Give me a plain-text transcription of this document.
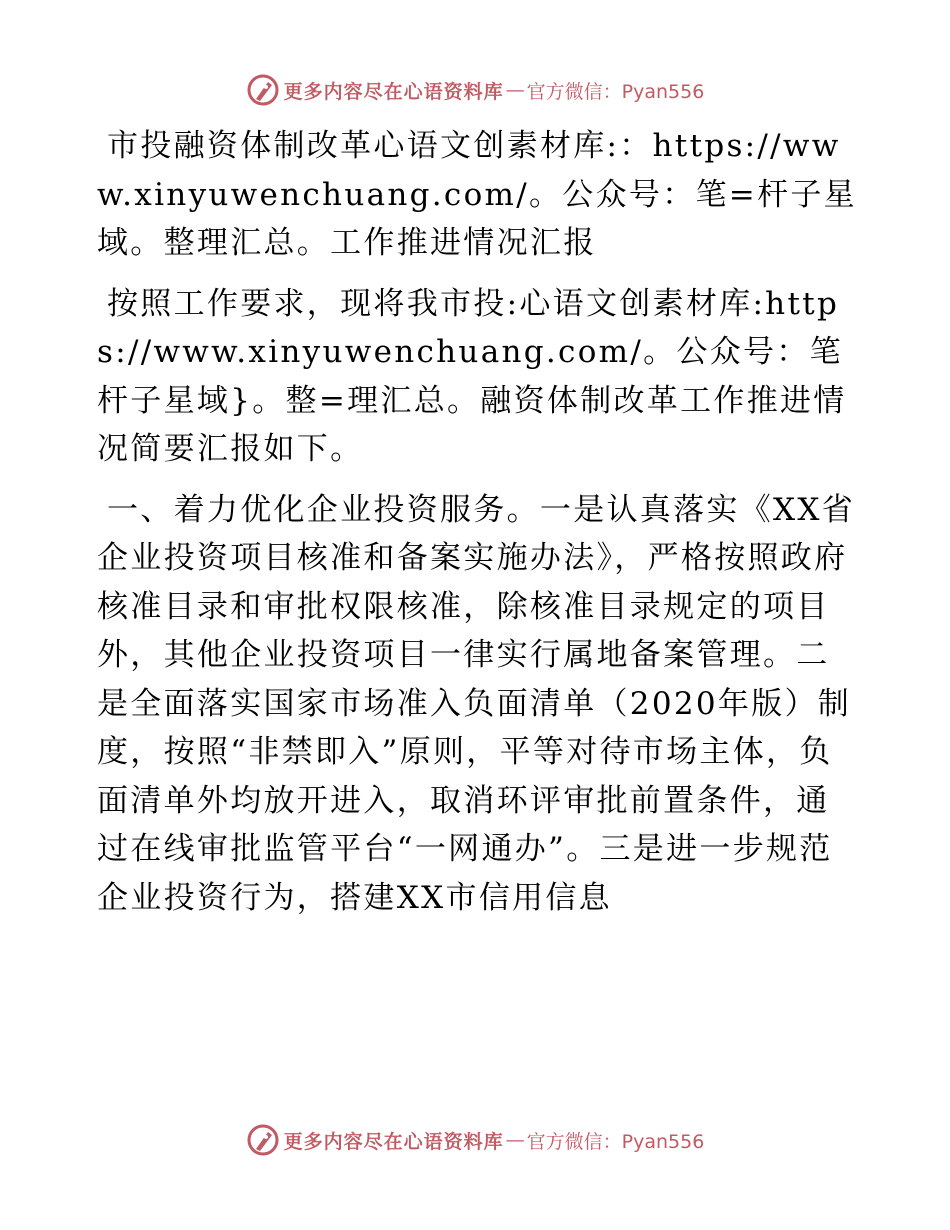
更多内容尽在心语资料库 — 官方微信：Pyan556

市投融资体制改革心语文创素材库:：https://www.xinyuwenchuang.com/。公众号：笔=杆子星域。整理汇总。工作推进情况汇报

按照工作要求，现将我市投:心语文创素材库:https://www.xinyuwenchuang.com/。公众号：笔杆子星域}。整=理汇总。融资体制改革工作推进情况简要汇报如下。

一、着力优化企业投资服务。一是认真落实《XX省企业投资项目核准和备案实施办法》，严格按照政府核准目录和审批权限核准，除核准目录规定的项目外，其他企业投资项目一律实行属地备案管理。二是全面落实国家市场准入负面清单（2020年版）制度，按照“非禁即入”原则，平等对待市场主体，负面清单外均放开进入，取消环评审批前置条件，通过在线审批监管平台“一网通办”。三是进一步规范企业投资行为，搭建XX市信用信息

更多内容尽在心语资料库 — 官方微信：Pyan556
